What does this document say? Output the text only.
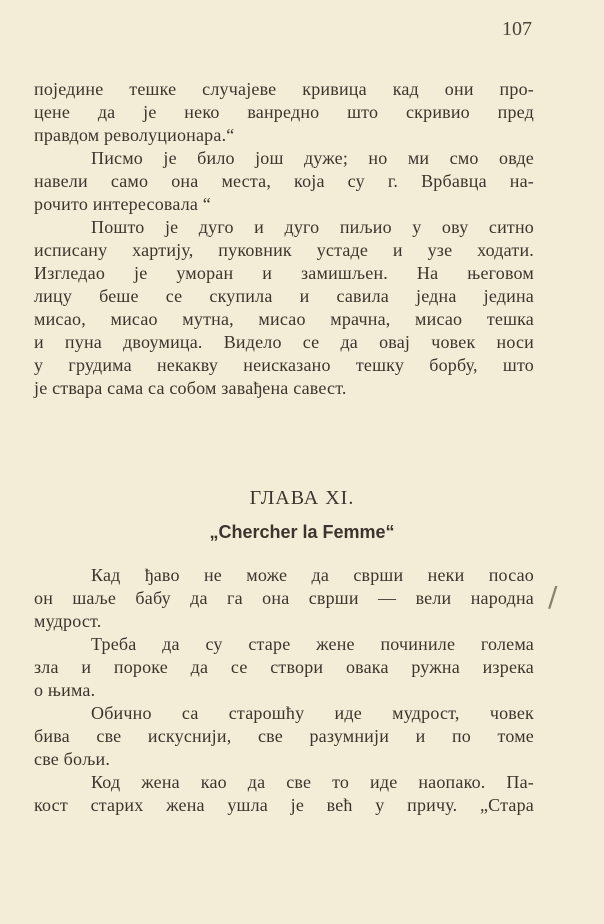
107
поједине тешке случајеве кривица кад они про-
цене да је неко ванредно што скривио пред
правдом револуционара.“
Писмо је било још дуже; но ми смо овде
навели само она места, која су г. Врбавца на-
рочито интересовала “
Пошто је дуго и дуго пиљио у ову ситно
исписану хартију, пуковник устаде и узе ходати.
Изгледао је уморан и замишљен. На његовом
лицу беше се скупила и савила једна једина
мисао, мисао мутна, мисао мрачна, мисао тешка
и пуна двоумица. Видело се да овај човек носи
у грудима некакву неисказано тешку борбу, што
је ствара сама са собом завађена савест.
ГЛАВА XI.
„Chercher la Femme“
/
Кад ђаво не може да сврши неки посао
он шаље бабу да га она сврши — вели народна
мудрост.
Треба да су старе жене починиле голема
зла и пороке да се створи овака ружна изрека
о њима.
Обично са старошћу иде мудрост, човек
бива све искуснији, све разумнији и по томе
све бољи.
Код жена као да све то иде наопако. Па-
кост старих жена ушла је већ у причу. „Стара
